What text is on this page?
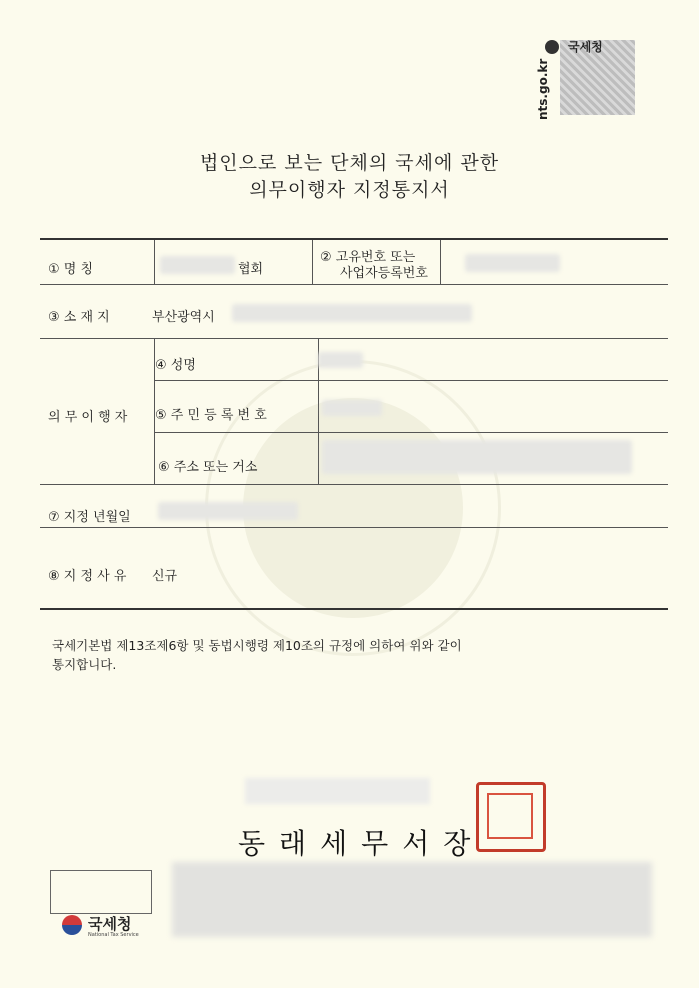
국세청
nts.go.kr
법인으로 보는 단체의 국세에 관한
의무이행자 지정통지서
① 명 칭	협회
② 고유번호 또는
사업자등록번호
③ 소 재 지	부산광역시
의 무 이 행 자
④ 성명
⑤ 주 민 등 록 번 호
⑥ 주소 또는 거소
⑦ 지정 년월일
⑧ 지 정 사 유 신규
국세기본법 제13조제6항 및 동법시행령 제10조의 규정에 의하여 위와 같이
통지합니다.
동래세무서장
국세청
National Tax Service
